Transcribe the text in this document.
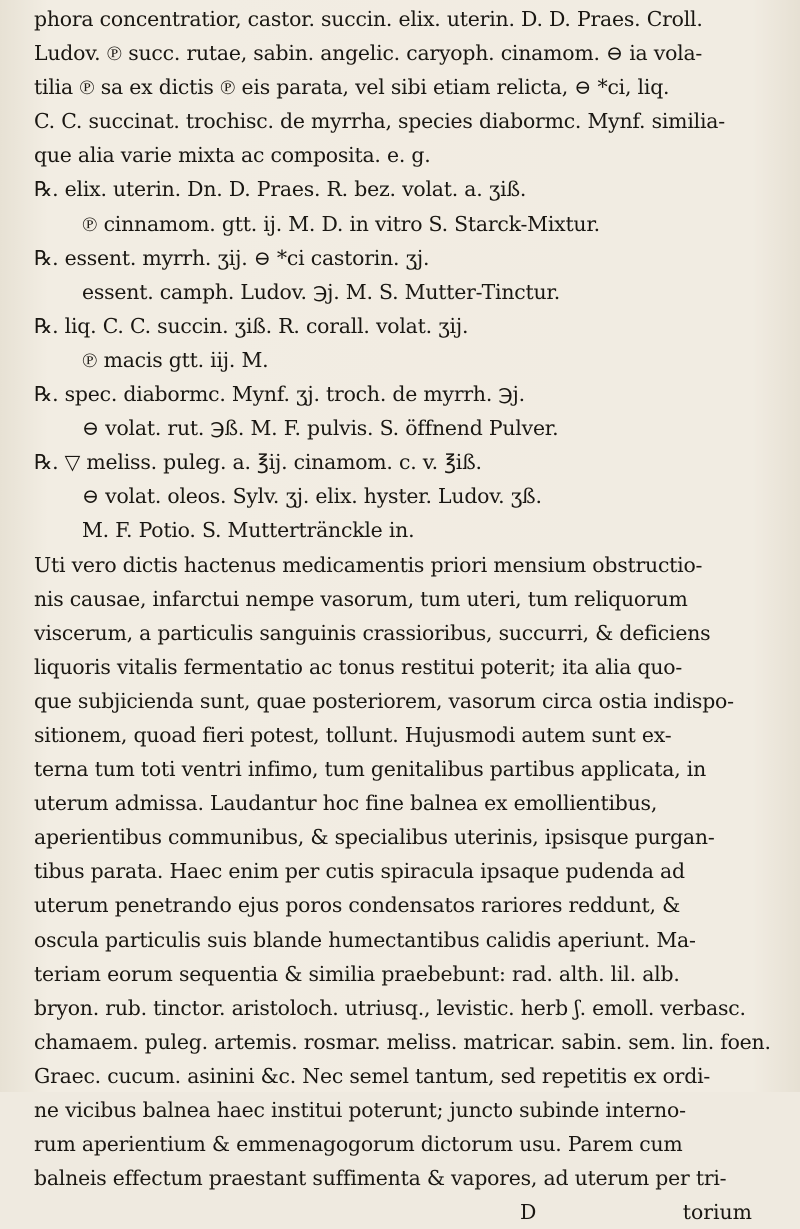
phora concentratior, castor. succin. elix. uterin. D. D. Praes. Croll.
Ludov. ℗ succ. rutae, sabin. angelic. caryoph. cinamom. ⊖ ia vola-
tilia ℗ sa ex dictis ℗ eis parata, vel sibi etiam relicta, ⊖ *ci, liq.
C. C. succinat. trochisc. de myrrha, species diabormc. Mynf. similia-
que alia varie mixta ac composita. e. g.
℞. elix. uterin. Dn. D. Praes. R. bez. volat. a. ʒiß.
℗ cinnamom. gtt. ij. M. D. in vitro S. Starck-Mixtur.
℞. essent. myrrh. ʒij. ⊖ *ci castorin. ʒj.
essent. camph. Ludov. ℈j. M. S. Mutter-Tinctur.
℞. liq. C. C. succin. ʒiß. R. corall. volat. ʒij.
℗ macis gtt. iij. M.
℞. spec. diabormc. Mynf. ʒj. troch. de myrrh. ℈j.
⊖ volat. rut. ℈ß. M. F. pulvis. S. öffnend Pulver.
℞. ▽ meliss. puleg. a. ℥ij. cinamom. c. v. ℥iß.
⊖ volat. oleos. Sylv. ʒj. elix. hyster. Ludov. ʒß.
M. F. Potio. S. Muttertränckle in.
Uti vero dictis hactenus medicamentis priori mensium obstructio-
nis causae, infarctui nempe vasorum, tum uteri, tum reliquorum
viscerum, a particulis sanguinis crassioribus, succurri, & deficiens
liquoris vitalis fermentatio ac tonus restitui poterit; ita alia quo-
que subjicienda sunt, quae posteriorem, vasorum circa ostia indispo-
sitionem, quoad fieri potest, tollunt. Hujusmodi autem sunt ex-
terna tum toti ventri infimo, tum genitalibus partibus applicata, in
uterum admissa. Laudantur hoc fine balnea ex emollientibus,
aperientibus communibus, & specialibus uterinis, ipsisque purgan-
tibus parata. Haec enim per cutis spiracula ipsaque pudenda ad
uterum penetrando ejus poros condensatos rariores reddunt, &
oscula particulis suis blande humectantibus calidis aperiunt. Ma-
teriam eorum sequentia & similia praebebunt: rad. alth. lil. alb.
bryon. rub. tinctor. aristoloch. utriusq., levistic. herb ʃ. emoll. verbasc.
chamaem. puleg. artemis. rosmar. meliss. matricar. sabin. sem. lin. foen.
Graec. cucum. asinini &c. Nec semel tantum, sed repetitis ex ordi-
ne vicibus balnea haec institui poterunt; juncto subinde interno-
rum aperientium & emmenagogorum dictorum usu. Parem cum
balneis effectum praestant suffimenta & vapores, ad uterum per tri-
D	torium
